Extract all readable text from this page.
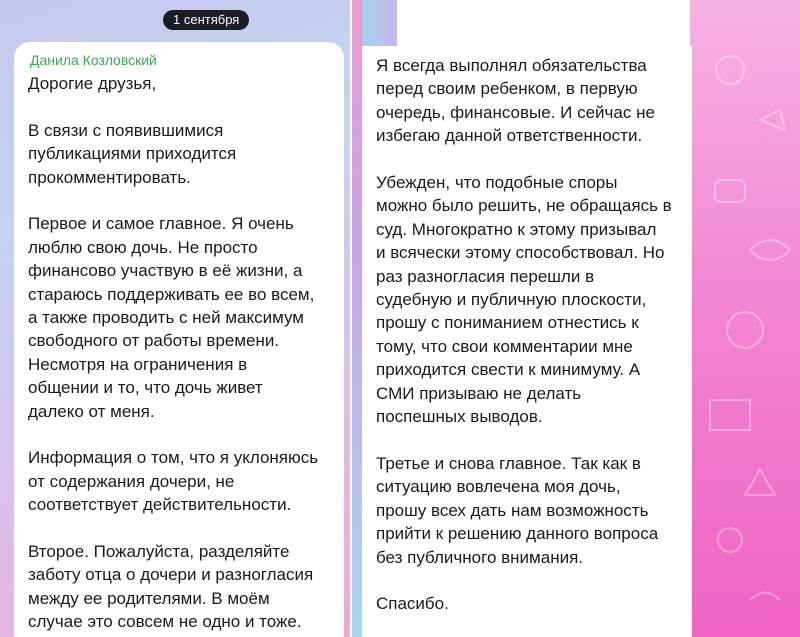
1 сентября
Данила Козловский

Дорогие друзья,

В связи с появившимися
публикациями приходится
прокомментировать.

Первое и самое главное. Я очень
люблю свою дочь. Не просто
финансово участвую в её жизни, а
стараюсь поддерживать ее во всем,
а также проводить с ней максимум
свободного от работы времени.
Несмотря на ограничения в
общении и то, что дочь живет
далеко от меня.

Информация о том, что я уклоняюсь
от содержания дочери, не
соответствует действительности.

Второе. Пожалуйста, разделяйте
заботу отца о дочери и разногласия
между ее родителями. В моём
случае это совсем не одно и тоже.

Я всегда выполнял обязательства
перед своим ребенком, в первую
очередь, финансовые. И сейчас не
избегаю данной ответственности.

Убежден, что подобные споры
можно было решить, не обращаясь в
суд. Многократно к этому призывал
и всячески этому способствовал. Но
раз разногласия перешли в
судебную и публичную плоскости,
прошу с пониманием отнестись к
тому, что свои комментарии мне
приходится свести к минимуму. А
СМИ призываю не делать
поспешных выводов.

Третье и снова главное. Так как в
ситуацию вовлечена моя дочь,
прошу всех дать нам возможность
прийти к решению данного вопроса
без публичного внимания.

Спасибо.
